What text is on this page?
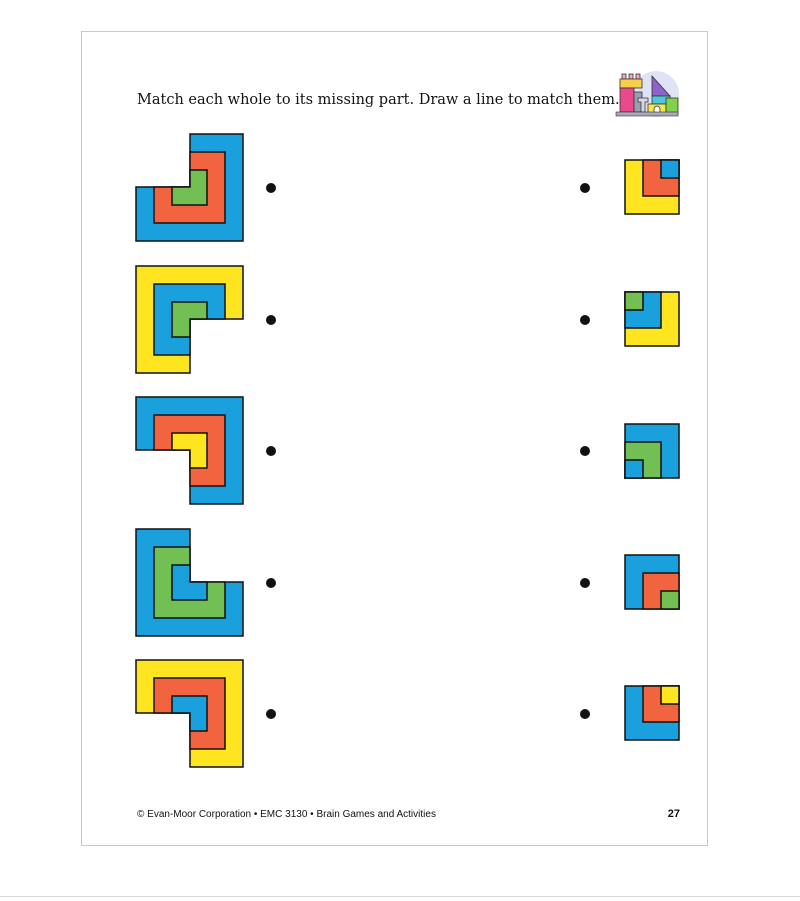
Match each whole to its missing part. Draw a line to match them.
© Evan-Moor Corporation • EMC 3130 • Brain Games and Activities	27
